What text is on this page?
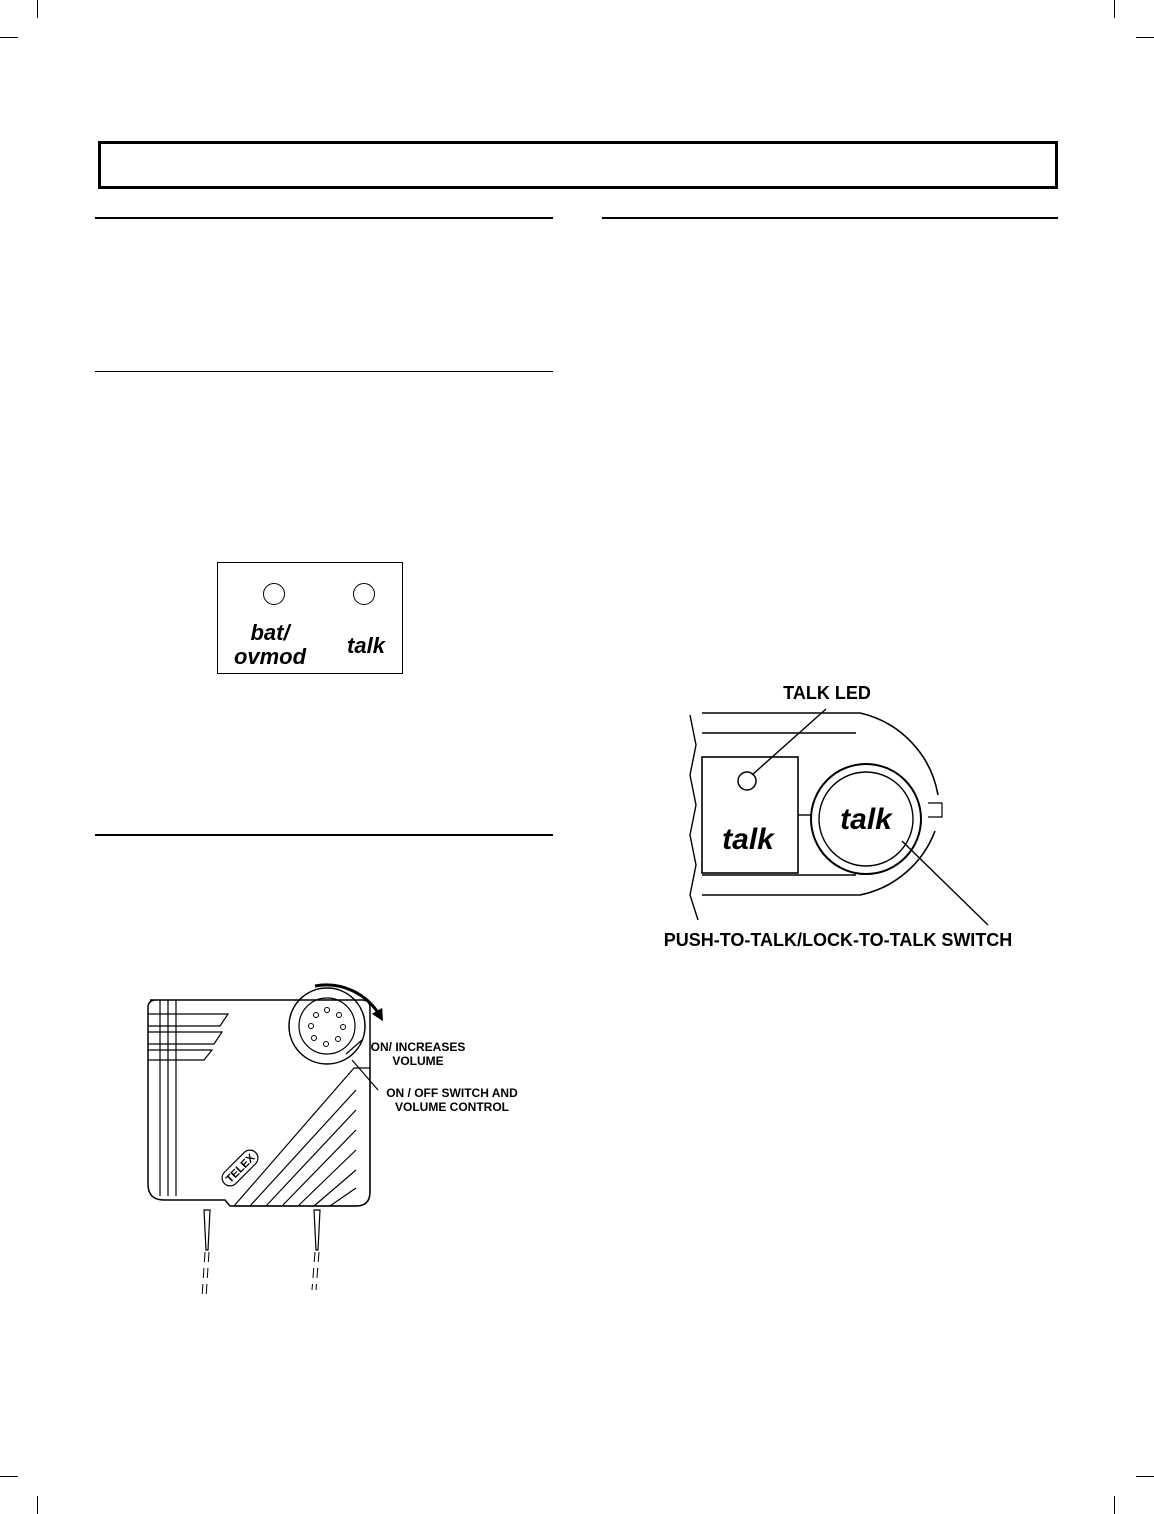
bat/
ovmod	talk
TELEX
ON/ INCREASES
VOLUME
ON / OFF SWITCH AND
VOLUME CONTROL
TALK LED
talk
talk
PUSH-TO-TALK/LOCK-TO-TALK SWITCH
